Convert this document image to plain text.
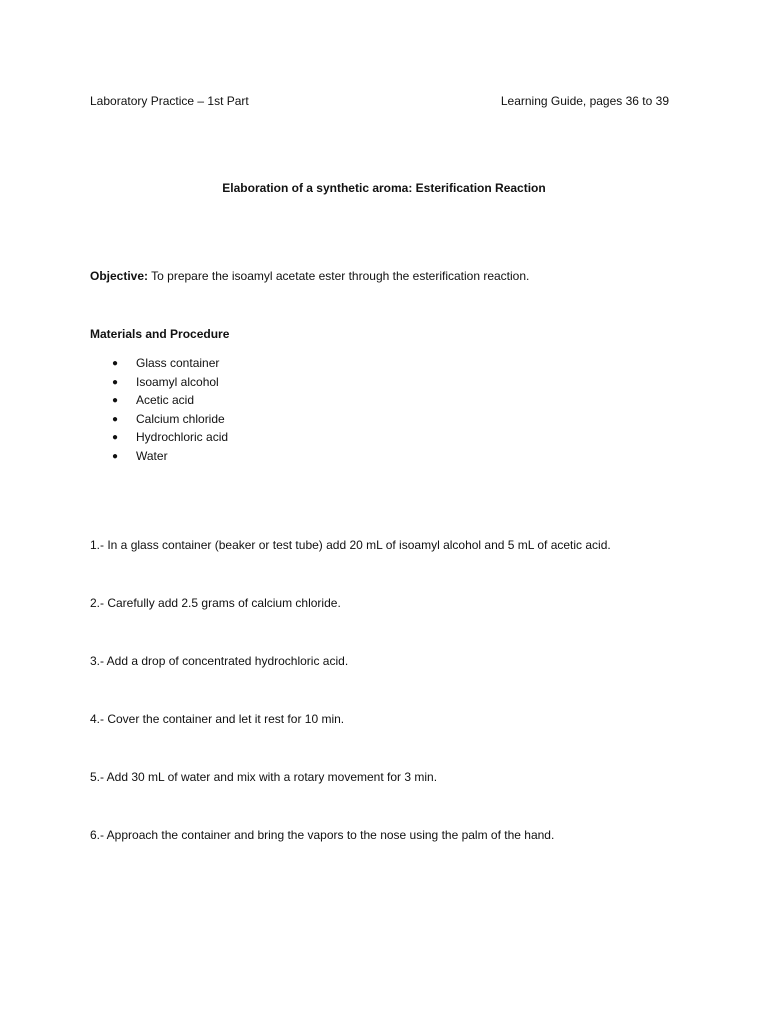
Laboratory Practice – 1st Part	Learning Guide, pages 36 to 39
Elaboration of a synthetic aroma: Esterification Reaction
Objective: To prepare the isoamyl acetate ester through the esterification reaction.
Materials and Procedure
● Glass container
● Isoamyl alcohol
● Acetic acid
● Calcium chloride
● Hydrochloric acid
● Water
1.- In a glass container (beaker or test tube) add 20 mL of isoamyl alcohol and 5 mL of acetic acid.
2.- Carefully add 2.5 grams of calcium chloride.
3.- Add a drop of concentrated hydrochloric acid.
4.- Cover the container and let it rest for 10 min.
5.- Add 30 mL of water and mix with a rotary movement for 3 min.
6.- Approach the container and bring the vapors to the nose using the palm of the hand.
